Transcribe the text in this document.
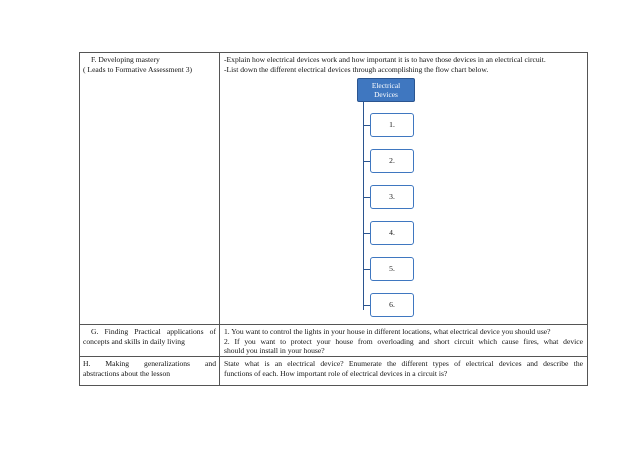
F. Developing mastery
( Leads to Formative Assessment 3)
-Explain how electrical devices work and how important it is to have those devices in an electrical circuit.
-List down the different electrical devices through accomplishing the flow chart below.
G. Finding Practical applications of
concepts and skills in daily living
1. You want to control the lights in your house in different locations, what electrical device you should use?
2. If you want to protect your house from overloading and short circuit which cause fires, what device
should you install in your house?
H. Making generalizations and
abstractions about the lesson
State what is an electrical device? Enumerate the different types of electrical devices and describe the
functions of each. How important role of electrical devices in a circuit is?
Electrical
Devices
1.
2.
3.
4.
5.
6.
